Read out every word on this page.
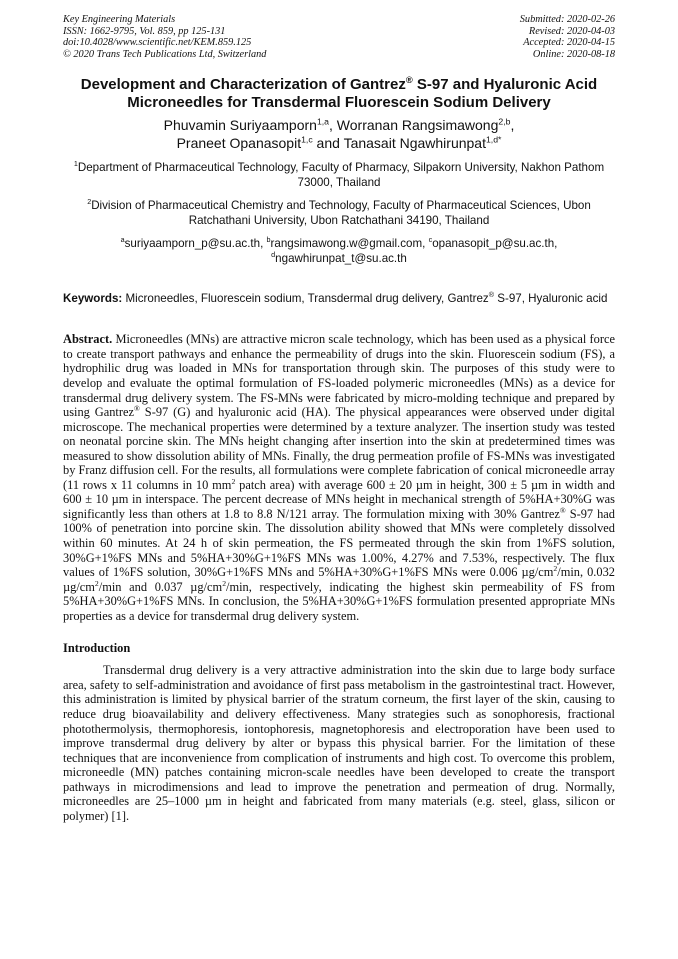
Key Engineering Materials
ISSN: 1662-9795, Vol. 859, pp 125-131
doi:10.4028/www.scientific.net/KEM.859.125
© 2020 Trans Tech Publications Ltd, Switzerland
Submitted: 2020-02-26
Revised: 2020-04-03
Accepted: 2020-04-15
Online: 2020-08-18
Development and Characterization of Gantrez® S-97 and Hyaluronic Acid Microneedles for Transdermal Fluorescein Sodium Delivery
Phuvamin Suriyaamporn$^{1,a}$, Worranan Rangsimawong$^{2,b}$,
Praneet Opanasopit$^{1,c}$ and Tanasait Ngawhirunpat$^{1,d*}$
$^1$Department of Pharmaceutical Technology, Faculty of Pharmacy, Silpakorn University, Nakhon Pathom 73000, Thailand
$^2$Division of Pharmaceutical Chemistry and Technology, Faculty of Pharmaceutical Sciences, Ubon Ratchathani University, Ubon Ratchathani 34190, Thailand
$^a$suriyaamporn_p@su.ac.th, $^b$rangsimawong.w@gmail.com, $^c$opanasopit_p@su.ac.th,
$^d$ngawhirunpat_t@su.ac.th
Keywords: Microneedles, Fluorescein sodium, Transdermal drug delivery, Gantrez® S-97, Hyaluronic acid
Abstract. Microneedles (MNs) are attractive micron scale technology, which has been used as a physical force to create transport pathways and enhance the permeability of drugs into the skin. Fluorescein sodium (FS), a hydrophilic drug was loaded in MNs for transportation through skin. The purposes of this study were to develop and evaluate the optimal formulation of FS-loaded polymeric microneedles (MNs) as a device for transdermal drug delivery system. The FS-MNs were fabricated by micro-molding technique and prepared by using Gantrez® S-97 (G) and hyaluronic acid (HA). The physical appearances were observed under digital microscope. The mechanical properties were determined by a texture analyzer. The insertion study was tested on neonatal porcine skin. The MNs height changing after insertion into the skin at predetermined times was measured to show dissolution ability of MNs. Finally, the drug permeation profile of FS-MNs was investigated by Franz diffusion cell. For the results, all formulations were complete fabrication of conical microneedle array (11 rows x 11 columns in 10 $mm^2$ patch area) with average 600 ± 20 µm in height, 300 ± 5 µm in width and 600 ± 10 µm in interspace. The percent decrease of MNs height in mechanical strength of 5%HA+30%G was significantly less than others at 1.8 to 8.8 N/121 array. The formulation mixing with 30% Gantrez® S-97 had 100% of penetration into porcine skin. The dissolution ability showed that MNs were completely dissolved within 60 minutes. At 24 h of skin permeation, the FS permeated through the skin from 1%FS solution, 30%G+1%FS MNs and 5%HA+30%G+1%FS MNs was 1.00%, 4.27% and 7.53%, respectively. The flux values of 1%FS solution, 30%G+1%FS MNs and 5%HA+30%G+1%FS MNs were 0.006 $\mu g/cm^2/\min$, 0.032 $\mu g/cm^2/\min$ and 0.037 $\mu g/cm^2/\min$, respectively, indicating the highest skin permeability of FS from 5%HA+30%G+1%FS MNs. In conclusion, the 5%HA+30%G+1%FS formulation presented appropriate MNs properties as a device for transdermal drug delivery system.
Introduction
Transdermal drug delivery is a very attractive administration into the skin due to large body surface area, safety to self-administration and avoidance of first pass metabolism in the gastrointestinal tract. However, this administration is limited by physical barrier of the stratum corneum, the first layer of the skin, causing to reduce drug bioavailability and delivery effectiveness. Many strategies such as sonophoresis, fractional photothermolysis, thermophoresis, iontophoresis, magnetophoresis and electroporation have been used to improve transdermal drug delivery by alter or bypass this physical barrier. For the limitation of these techniques that are inconvenience from complication of instruments and high cost. To overcome this problem, microneedle (MN) patches containing micron-scale needles have been developed to create the transport pathways in microdimensions and lead to improve the penetration and permeation of drug. Normally, microneedles are 25–1000 µm in height and fabricated from many materials (e.g. steel, glass, silicon or polymer) [1].
